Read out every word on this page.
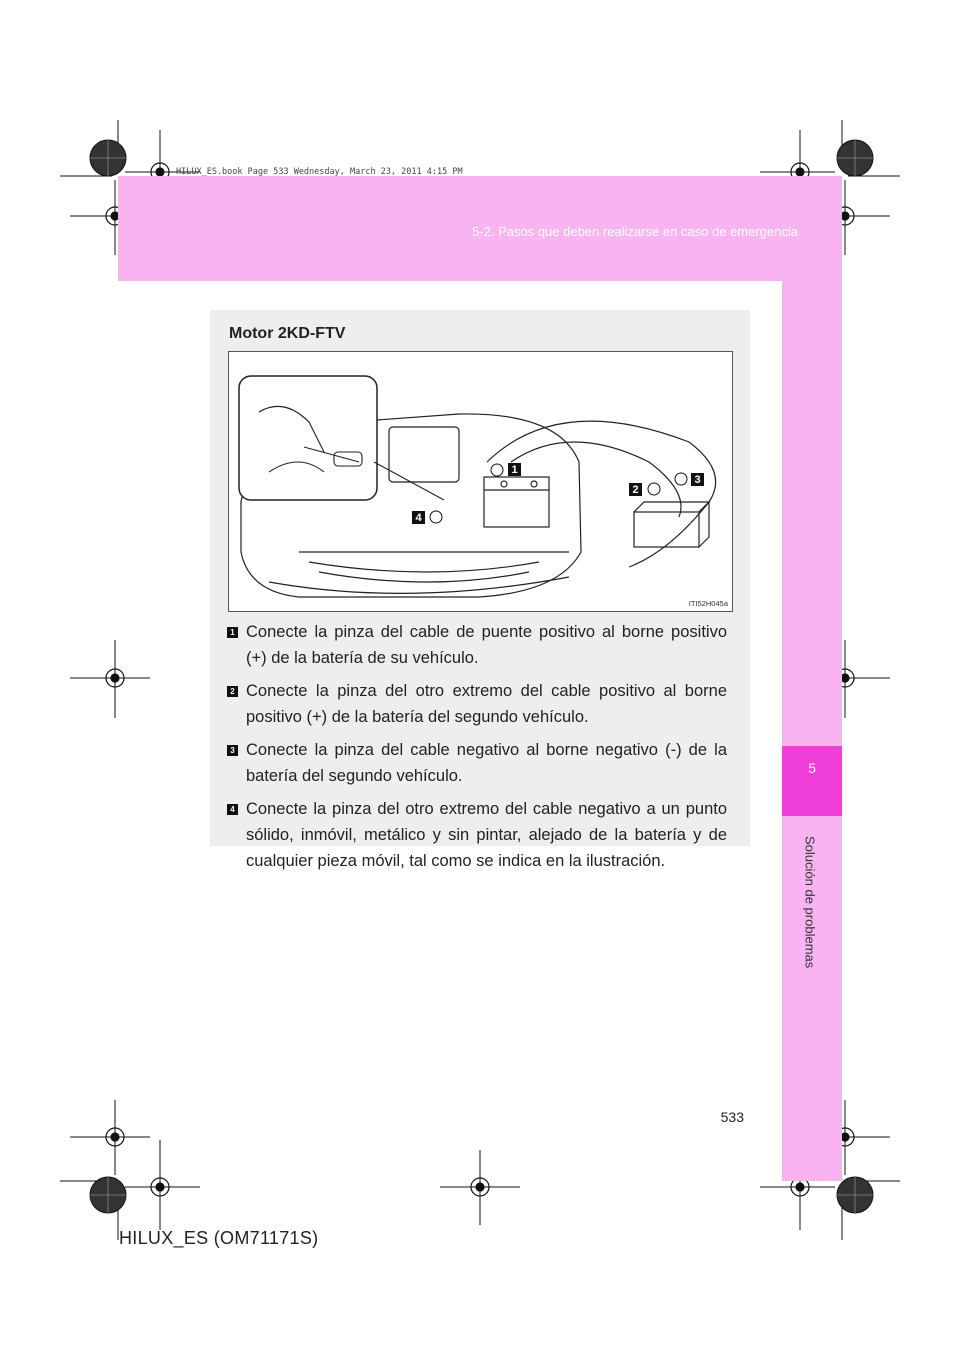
5
Solución de problemas
HILUX_ES.book Page 533 Wednesday, March 23, 2011 4:15 PM
5-2. Pasos que deben realizarse en caso de emergencia
Motor 2KD-FTV
1
2
3
4
ITI52H045a
1 Conecte la pinza del cable de puente positivo al borne positivo (+) de la batería de su vehículo.
2 Conecte la pinza del otro extremo del cable positivo al borne positivo (+) de la batería del segundo vehículo.
3 Conecte la pinza del cable negativo al borne negativo (-) de la batería del segundo vehículo.
4 Conecte la pinza del otro extremo del cable negativo a un punto sólido, inmóvil, metálico y sin pintar, alejado de la batería y de cualquier pieza móvil, tal como se indica en la ilustración.
533
HILUX_ES (OM71171S)
